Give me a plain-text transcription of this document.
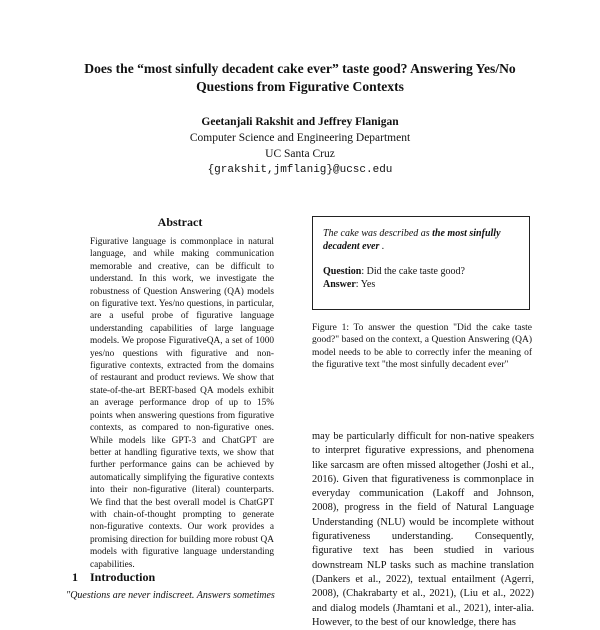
Does the “most sinfully decadent cake ever” taste good? Answering Yes/No Questions from Figurative Contexts
Geetanjali Rakshit and Jeffrey Flanigan
Computer Science and Engineering Department
UC Santa Cruz
{grakshit,jmflanig}@ucsc.edu
Abstract
Figurative language is commonplace in natural language, and while making communication memorable and creative, can be difficult to understand. In this work, we investigate the robustness of Question Answering (QA) models on figurative text. Yes/no questions, in particular, are a useful probe of figurative language understanding capabilities of large language models. We propose FigurativeQA, a set of 1000 yes/no questions with figurative and non-figurative contexts, extracted from the domains of restaurant and product reviews. We show that state-of-the-art BERT-based QA models exhibit an average performance drop of up to 15% points when answering questions from figurative contexts, as compared to non-figurative ones. While models like GPT-3 and ChatGPT are better at handling figurative texts, we show that further performance gains can be achieved by automatically simplifying the figurative contexts into their non-figurative (literal) counterparts. We find that the best overall model is ChatGPT with chain-of-thought prompting to generate non-figurative contexts. Our work provides a promising direction for building more robust QA models with figurative language understanding capabilities.
1 Introduction
"Questions are never indiscreet. Answers sometimes
The cake was described as the most sinfully decadent ever .
Question: Did the cake taste good?
Answer: Yes
Figure 1: To answer the question "Did the cake taste good?" based on the context, a Question Answering (QA) model needs to be able to correctly infer the meaning of the figurative text "the most sinfully decadent ever"
may be particularly difficult for non-native speakers to interpret figurative expressions, and phenomena like sarcasm are often missed altogether (Joshi et al., 2016). Given that figurativeness is commonplace in everyday communication (Lakoff and Johnson, 2008), progress in the field of Natural Language Understanding (NLU) would be incomplete without figurativeness understanding. Consequently, figurative text has been studied in various downstream NLP tasks such as machine translation (Dankers et al., 2022), textual entailment (Agerri, 2008), (Chakrabarty et al., 2021), (Liu et al., 2022) and dialog models (Jhamtani et al., 2021), inter-alia. However, to the best of our knowledge, there has
